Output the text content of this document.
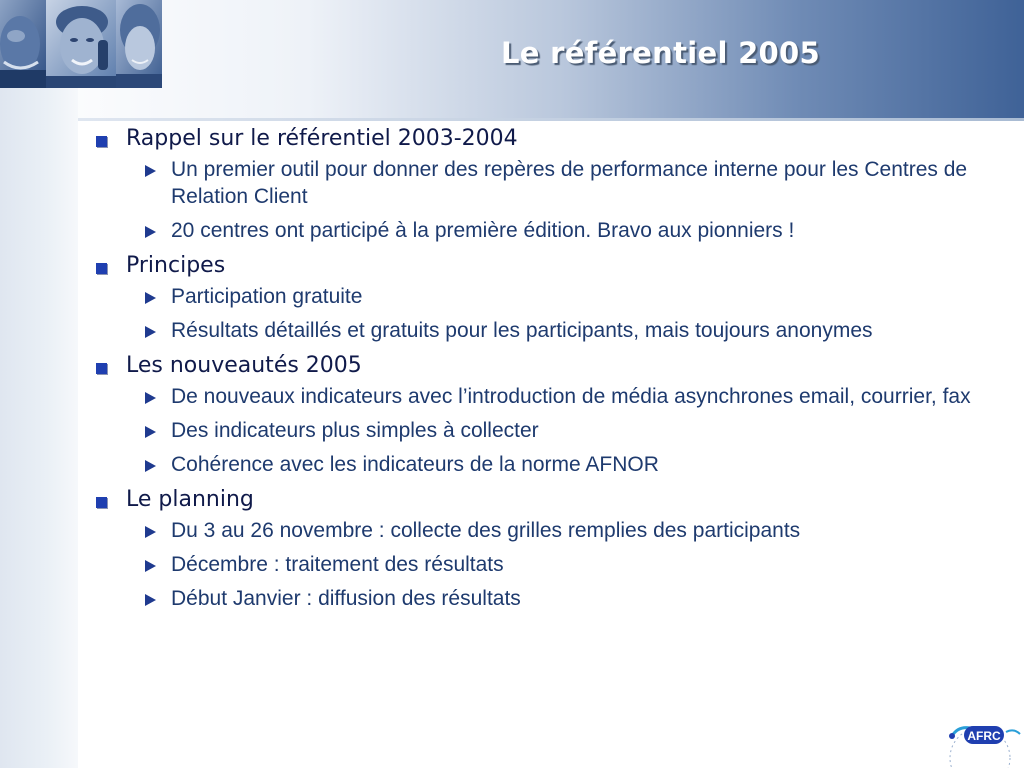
Le référentiel 2005
Rappel sur le référentiel 2003-2004
Un premier outil pour donner des repères de performance interne pour les Centres de Relation Client
20 centres ont participé à la première édition. Bravo aux pionniers !
Principes
Participation gratuite
Résultats détaillés et gratuits pour les participants, mais toujours anonymes
Les nouveautés 2005
De nouveaux indicateurs avec l’introduction de média asynchrones email, courrier, fax
Des indicateurs plus simples à collecter
Cohérence avec les indicateurs de la norme AFNOR
Le planning
Du 3 au 26 novembre : collecte des grilles remplies des participants
Décembre : traitement des résultats
Début Janvier : diffusion des résultats
AFRC
